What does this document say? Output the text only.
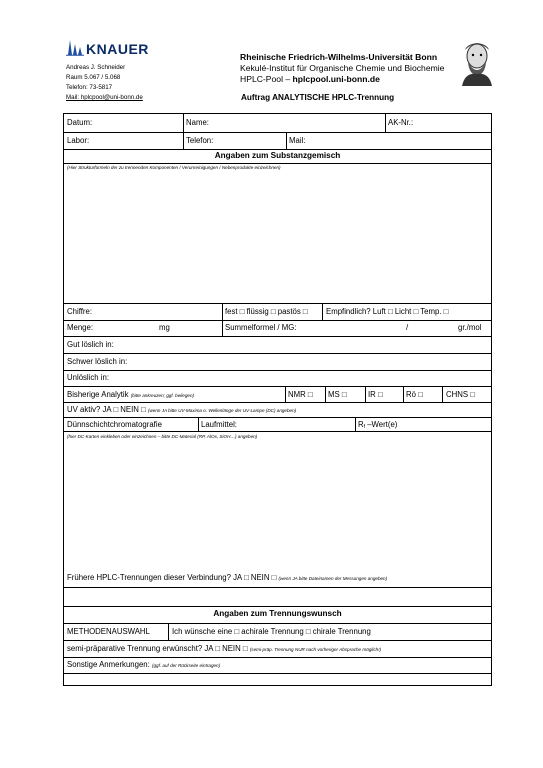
KNAUER
Andreas J. Schneider
Raum 5.067 / 5.068
Telefon: 73-5817
Mail: hplcpool@uni-bonn.de
Rheinische Friedrich-Wilhelms-Universität Bonn
Kekulé-Institut für Organische Chemie und Biochemie
HPLC-Pool – hplcpool.uni-bonn.de
Auftrag ANALYTISCHE HPLC-Trennung
Datum:	Name:	AK-Nr.:
Labor:	Telefon:	Mail:
Angaben zum Substanzgemisch
(Hier Strukturformeln der zu trennenden Komponenten / Verunreinigungen / Nebenprodukte einzeichnen)
Chiffre:	fest □ flüssig □ pastös □ Empfindlich? Luft □ Licht □ Temp. □
Menge:	mg	Summelformel / MG:	/	gr./mol
Gut löslich in:
Schwer löslich in:
Unlöslich in:
Bisherige Analytik (bitte ankreuzen; ggf. beilegen)	NMR □ MS □	IR □	Rö □	CHNS □
UV aktiv? JA □ NEIN □ (wenn JA bitte UV-Maxima o. Wellenlänge der UV-Lampe (DC) angeben)
Dünnschichtchromatografie	Laufmittel:	$R_f$ –Wert(e)
(hier DC-Karten einkleben oder einzeichnen – bitte DC-Material (RP, AlOx, SiOH…) angeben)
Frühere HPLC-Trennungen dieser Verbindung? JA □ NEIN □ (wenn JA bitte Dateinamen der Messungen angeben)
Angaben zum Trennungswunsch
METHODENAUSWAHL	Ich wünsche eine □ achirale Trennung □ chirale Trennung
semi-präparative Trennung erwünscht? JA □ NEIN □ (semi-präp. Trennung NUR nach vorheriger Absprache möglich!)
Sonstige Anmerkungen: (ggf. auf der Rückseite eintragen)
